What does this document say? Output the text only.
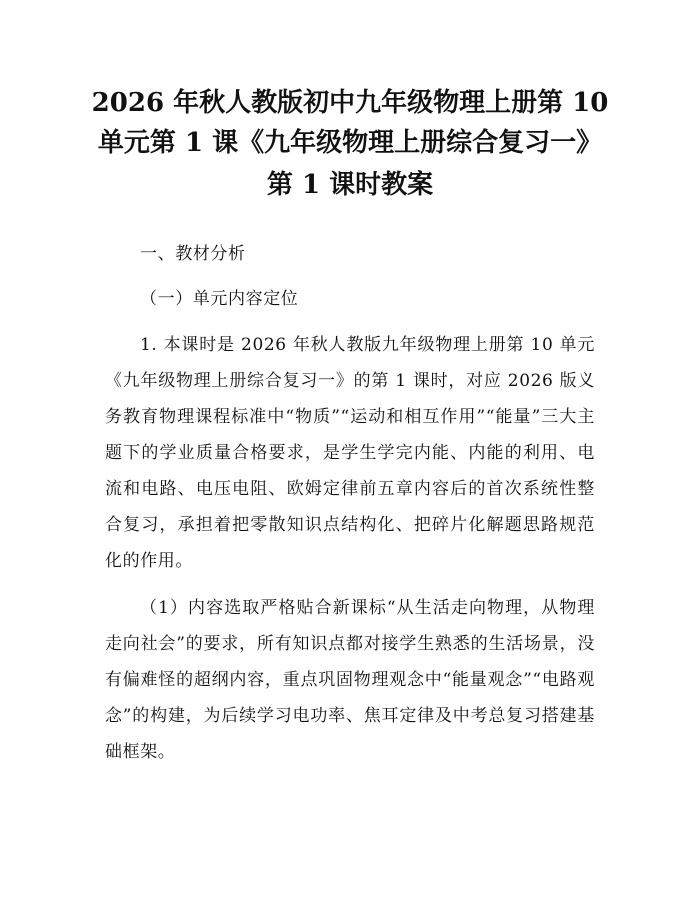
2026 年秋人教版初中九年级物理上册第 10
单元第 1 课《九年级物理上册综合复习一》
第 1 课时教案
一、教材分析
（一）单元内容定位
1. 本课时是 2026 年秋人教版九年级物理上册第 10 单元《九年级物理上册综合复习一》的第 1 课时，对应 2026 版义务教育物理课程标准中“物质”“运动和相互作用”“能量”三大主题下的学业质量合格要求，是学生学完内能、内能的利用、电流和电路、电压电阻、欧姆定律前五章内容后的首次系统性整合复习，承担着把零散知识点结构化、把碎片化解题思路规范化的作用。
（1）内容选取严格贴合新课标“从生活走向物理，从物理走向社会”的要求，所有知识点都对接学生熟悉的生活场景，没有偏难怪的超纲内容，重点巩固物理观念中“能量观念”“电路观念”的构建，为后续学习电功率、焦耳定律及中考总复习搭建基础框架。
